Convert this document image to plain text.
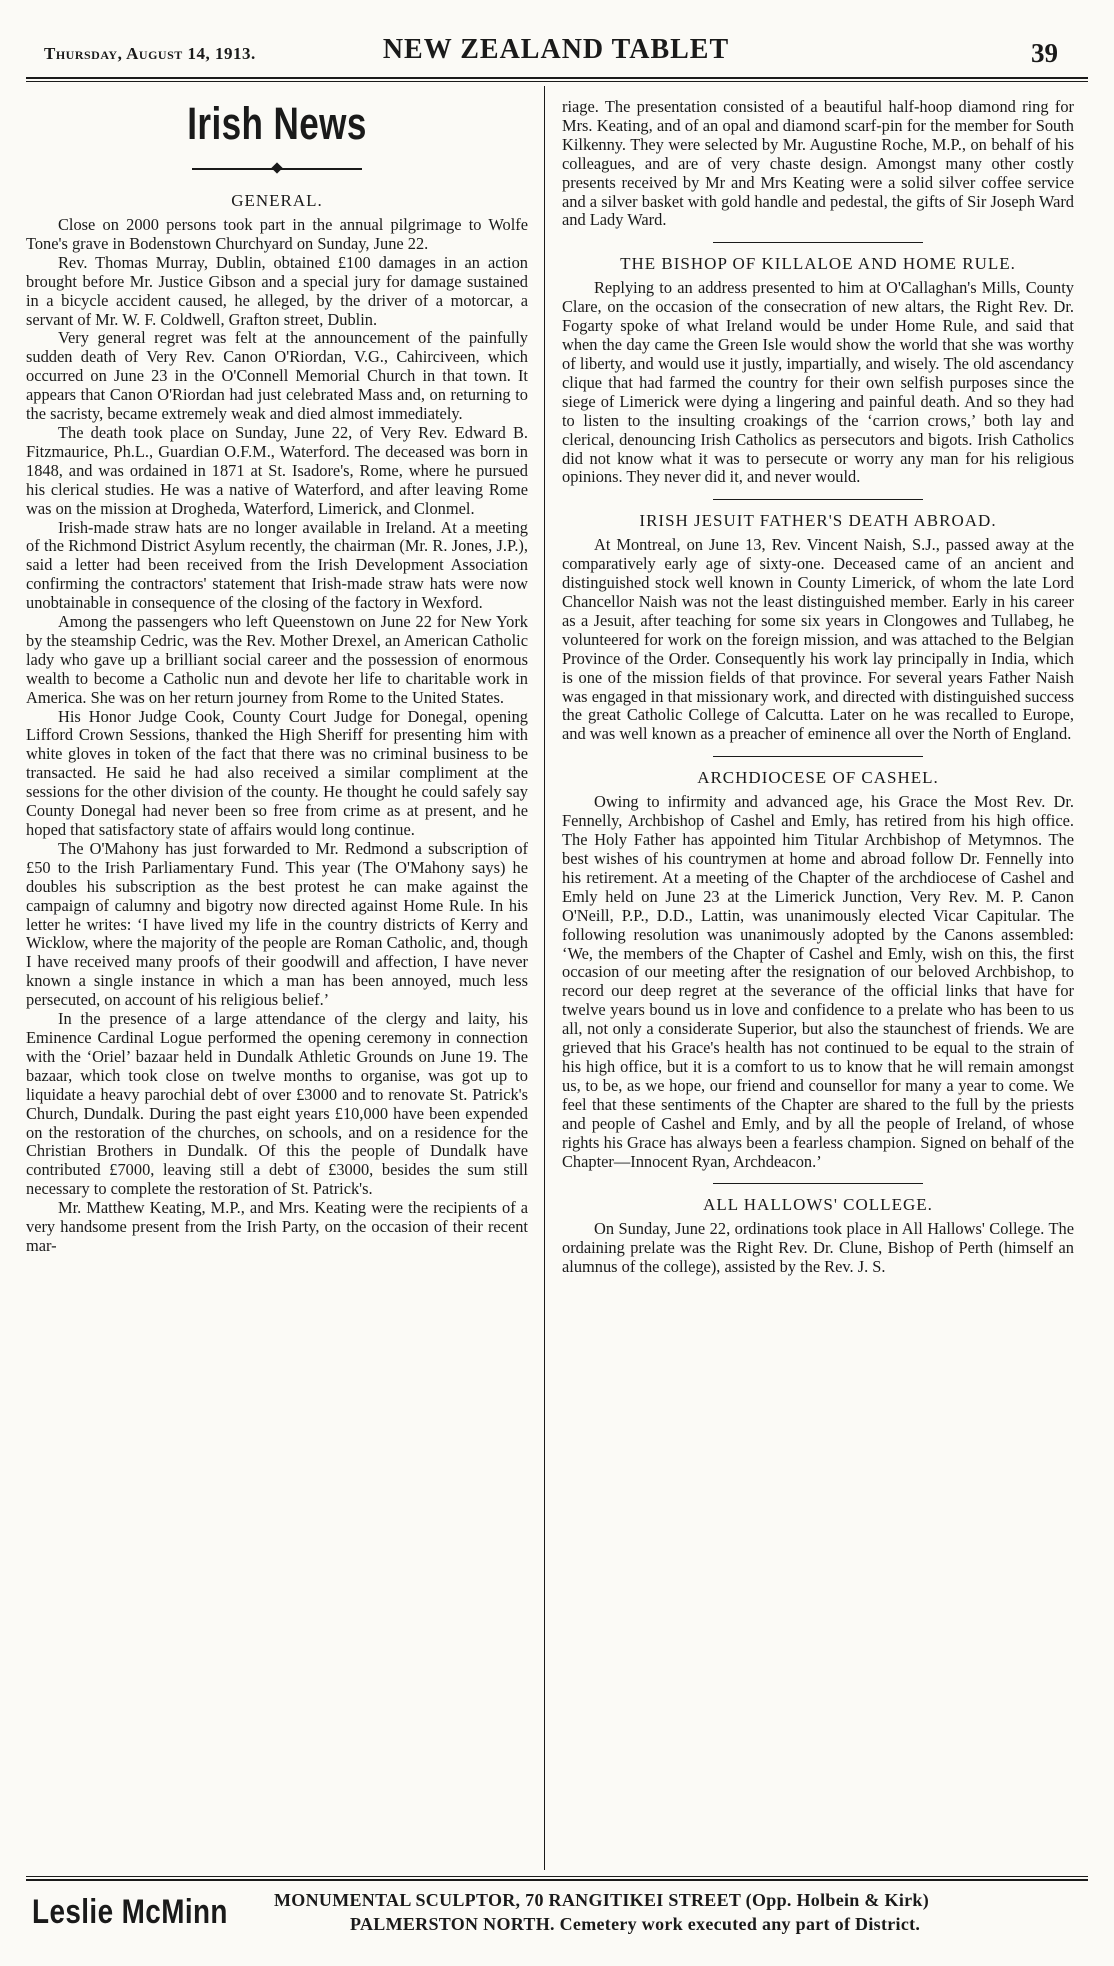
Thursday, August 14, 1913.	NEW ZEALAND TABLET	39
Irish News
GENERAL.

Close on 2000 persons took part in the annual pilgrimage to Wolfe Tone's grave in Bodenstown Churchyard on Sunday, June 22.

Rev. Thomas Murray, Dublin, obtained £100 damages in an action brought before Mr. Justice Gibson and a special jury for damage sustained in a bicycle accident caused, he alleged, by the driver of a motorcar, a servant of Mr. W. F. Coldwell, Grafton street, Dublin.

Very general regret was felt at the announcement of the painfully sudden death of Very Rev. Canon O'Riordan, V.G., Cahirciveen, which occurred on June 23 in the O'Connell Memorial Church in that town. It appears that Canon O'Riordan had just celebrated Mass and, on returning to the sacristy, became extremely weak and died almost immediately.

The death took place on Sunday, June 22, of Very Rev. Edward B. Fitzmaurice, Ph.L., Guardian O.F.M., Waterford. The deceased was born in 1848, and was ordained in 1871 at St. Isadore's, Rome, where he pursued his clerical studies. He was a native of Waterford, and after leaving Rome was on the mission at Drogheda, Waterford, Limerick, and Clonmel.

Irish-made straw hats are no longer available in Ireland. At a meeting of the Richmond District Asylum recently, the chairman (Mr. R. Jones, J.P.), said a letter had been received from the Irish Development Association confirming the contractors' statement that Irish-made straw hats were now unobtainable in consequence of the closing of the factory in Wexford.

Among the passengers who left Queenstown on June 22 for New York by the steamship Cedric, was the Rev. Mother Drexel, an American Catholic lady who gave up a brilliant social career and the possession of enormous wealth to become a Catholic nun and devote her life to charitable work in America. She was on her return journey from Rome to the United States.

His Honor Judge Cook, County Court Judge for Donegal, opening Lifford Crown Sessions, thanked the High Sheriff for presenting him with white gloves in token of the fact that there was no criminal business to be transacted. He said he had also received a similar compliment at the sessions for the other division of the county. He thought he could safely say County Donegal had never been so free from crime as at present, and he hoped that satisfactory state of affairs would long continue.

The O'Mahony has just forwarded to Mr. Redmond a subscription of £50 to the Irish Parliamentary Fund. This year (The O'Mahony says) he doubles his subscription as the best protest he can make against the campaign of calumny and bigotry now directed against Home Rule. In his letter he writes: ‘I have lived my life in the country districts of Kerry and Wicklow, where the majority of the people are Roman Catholic, and, though I have received many proofs of their goodwill and affection, I have never known a single instance in which a man has been annoyed, much less persecuted, on account of his religious belief.’

In the presence of a large attendance of the clergy and laity, his Eminence Cardinal Logue performed the opening ceremony in connection with the ‘Oriel’ bazaar held in Dundalk Athletic Grounds on June 19. The bazaar, which took close on twelve months to organise, was got up to liquidate a heavy parochial debt of over £3000 and to renovate St. Patrick's Church, Dundalk. During the past eight years £10,000 have been expended on the restoration of the churches, on schools, and on a residence for the Christian Brothers in Dundalk. Of this the people of Dundalk have contributed £7000, leaving still a debt of £3000, besides the sum still necessary to complete the restoration of St. Patrick's.

Mr. Matthew Keating, M.P., and Mrs. Keating were the recipients of a very handsome present from the Irish Party, on the occasion of their recent mar-

riage. The presentation consisted of a beautiful half-hoop diamond ring for Mrs. Keating, and of an opal and diamond scarf-pin for the member for South Kilkenny. They were selected by Mr. Augustine Roche, M.P., on behalf of his colleagues, and are of very chaste design. Amongst many other costly presents received by Mr and Mrs Keating were a solid silver coffee service and a silver basket with gold handle and pedestal, the gifts of Sir Joseph Ward and Lady Ward.

THE BISHOP OF KILLALOE AND HOME RULE.

Replying to an address presented to him at O'Callaghan's Mills, County Clare, on the occasion of the consecration of new altars, the Right Rev. Dr. Fogarty spoke of what Ireland would be under Home Rule, and said that when the day came the Green Isle would show the world that she was worthy of liberty, and would use it justly, impartially, and wisely. The old ascendancy clique that had farmed the country for their own selfish purposes since the siege of Limerick were dying a lingering and painful death. And so they had to listen to the insulting croakings of the ‘carrion crows,’ both lay and clerical, denouncing Irish Catholics as persecutors and bigots. Irish Catholics did not know what it was to persecute or worry any man for his religious opinions. They never did it, and never would.

IRISH JESUIT FATHER'S DEATH ABROAD.

At Montreal, on June 13, Rev. Vincent Naish, S.J., passed away at the comparatively early age of sixty-one. Deceased came of an ancient and distinguished stock well known in County Limerick, of whom the late Lord Chancellor Naish was not the least distinguished member. Early in his career as a Jesuit, after teaching for some six years in Clongowes and Tullabeg, he volunteered for work on the foreign mission, and was attached to the Belgian Province of the Order. Consequently his work lay principally in India, which is one of the mission fields of that province. For several years Father Naish was engaged in that missionary work, and directed with distinguished success the great Catholic College of Calcutta. Later on he was recalled to Europe, and was well known as a preacher of eminence all over the North of England.

ARCHDIOCESE OF CASHEL.

Owing to infirmity and advanced age, his Grace the Most Rev. Dr. Fennelly, Archbishop of Cashel and Emly, has retired from his high office. The Holy Father has appointed him Titular Archbishop of Metymnos. The best wishes of his countrymen at home and abroad follow Dr. Fennelly into his retirement. At a meeting of the Chapter of the archdiocese of Cashel and Emly held on June 23 at the Limerick Junction, Very Rev. M. P. Canon O'Neill, P.P., D.D., Lattin, was unanimously elected Vicar Capitular. The following resolution was unanimously adopted by the Canons assembled: ‘We, the members of the Chapter of Cashel and Emly, wish on this, the first occasion of our meeting after the resignation of our beloved Archbishop, to record our deep regret at the severance of the official links that have for twelve years bound us in love and confidence to a prelate who has been to us all, not only a considerate Superior, but also the staunchest of friends. We are grieved that his Grace's health has not continued to be equal to the strain of his high office, but it is a comfort to us to know that he will remain amongst us, to be, as we hope, our friend and counsellor for many a year to come. We feel that these sentiments of the Chapter are shared to the full by the priests and people of Cashel and Emly, and by all the people of Ireland, of whose rights his Grace has always been a fearless champion. Signed on behalf of the Chapter—Innocent Ryan, Archdeacon.’

ALL HALLOWS' COLLEGE.

On Sunday, June 22, ordinations took place in All Hallows' College. The ordaining prelate was the Right Rev. Dr. Clune, Bishop of Perth (himself an alumnus of the college), assisted by the Rev. J. S.

Leslie McMinn	MONUMENTAL SCULPTOR, 70 RANGITIKEI STREET (Opp. Holbein & Kirk)
PALMERSTON NORTH. Cemetery work executed any part of District.
